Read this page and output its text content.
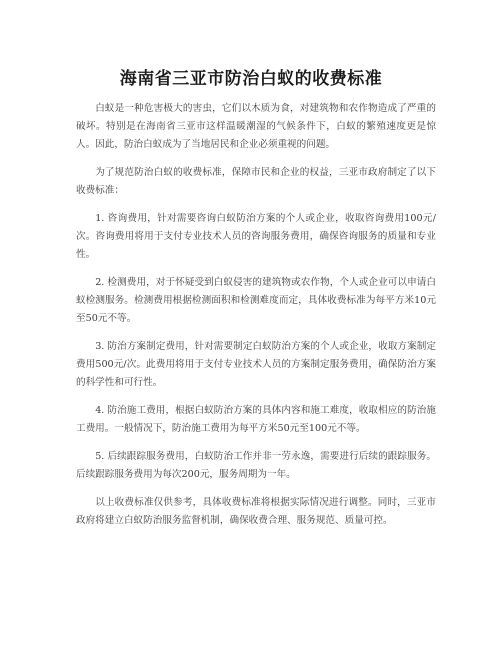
海南省三亚市防治白蚁的收费标准

白蚁是一种危害极大的害虫，它们以木质为食，对建筑物和农作物造成了严重的破坏。特别是在海南省三亚市这样温暖潮湿的气候条件下，白蚁的繁殖速度更是惊人。因此，防治白蚁成为了当地居民和企业必须重视的问题。

为了规范防治白蚁的收费标准，保障市民和企业的权益，三亚市政府制定了以下收费标准：

1. 咨询费用，针对需要咨询白蚁防治方案的个人或企业，收取咨询费用100元/次。咨询费用将用于支付专业技术人员的咨询服务费用，确保咨询服务的质量和专业性。

2. 检测费用，对于怀疑受到白蚁侵害的建筑物或农作物，个人或企业可以申请白蚁检测服务。检测费用根据检测面积和检测难度而定，具体收费标准为每平方米10元至50元不等。

3. 防治方案制定费用，针对需要制定白蚁防治方案的个人或企业，收取方案制定费用500元/次。此费用将用于支付专业技术人员的方案制定服务费用，确保防治方案的科学性和可行性。

4. 防治施工费用，根据白蚁防治方案的具体内容和施工难度，收取相应的防治施工费用。一般情况下，防治施工费用为每平方米50元至100元不等。

5. 后续跟踪服务费用，白蚁防治工作并非一劳永逸，需要进行后续的跟踪服务。后续跟踪服务费用为每次200元，服务周期为一年。

以上收费标准仅供参考，具体收费标准将根据实际情况进行调整。同时，三亚市政府将建立白蚁防治服务监督机制，确保收费合理、服务规范、质量可控。
